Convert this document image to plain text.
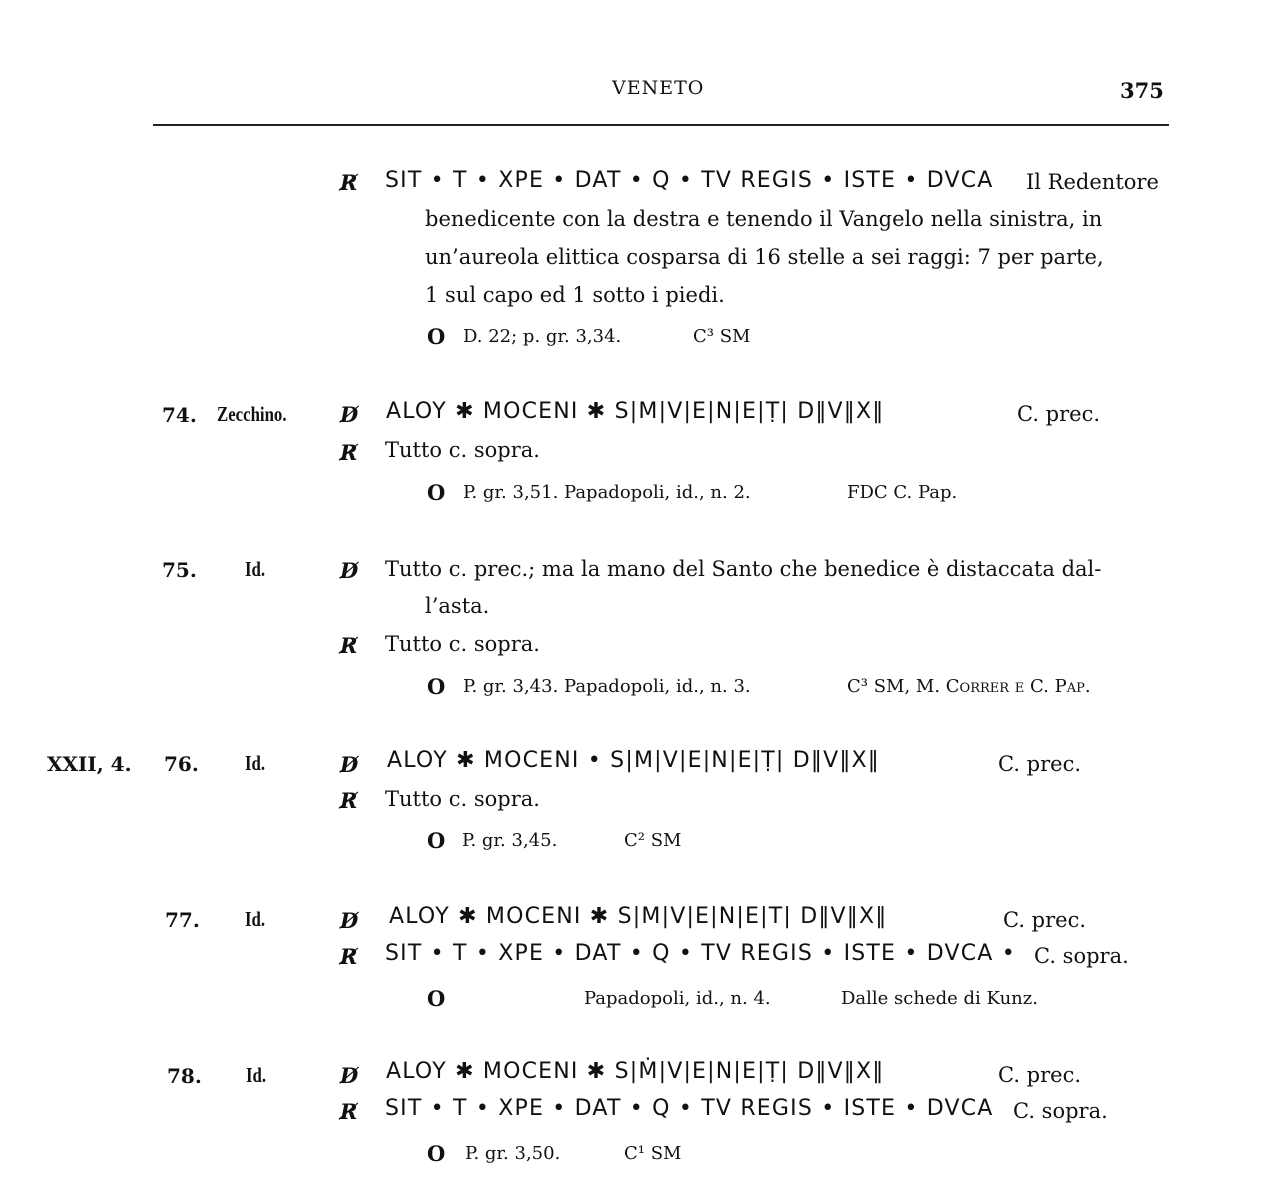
VENETO	375
R̸ SIT • T • XPE • DAT • Q • TV REGIS • ISTE • DVCA Il Redentore
benedicente con la destra e tenendo il Vangelo nella sinistra, in
un’aureola elittica cosparsa di 16 stelle a sei raggi: 7 per parte,
1 sul capo ed 1 sotto i piedi.
O D. 22; p. gr. 3,34.	C³ SM
74. Zecchino.	D̸ ALOY ✱ MOCENI ✱ S|M|V|E|N|E|Ṭ| D‖V‖X‖	C. prec.
R̸ Tutto c. sopra.
O P. gr. 3,51. Papadopoli, id., n. 2.	FDC C. Pap.
75. Id.	D̸ Tutto c. prec.; ma la mano del Santo che benedice è distaccata dal-
l’asta.
R̸ Tutto c. sopra.
O P. gr. 3,43. Papadopoli, id., n. 3.	C³ SM, M. Correr e C. Pap.
XXII, 4. 76. Id.	D̸ ALOY ✱ MOCENI • S|M|V|E|N|E|Ṭ| D‖V‖X‖	C. prec.
R̸ Tutto c. sopra.
O P. gr. 3,45.	C² SM
77. Id.	D̸ ALOY ✱ MOCENI ✱ S|M|V|E|N|E|T| D‖V‖X‖	C. prec.
R̸ SIT • T • XPE • DAT • Q • TV REGIS • ISTE • DVCA • C. sopra.
O	Papadopoli, id., n. 4.	Dalle schede di Kunz.
78. Id.	D̸ ALOY ✱ MOCENI ✱ S|Ṁ|V|E|N|E|Ṭ| D‖V‖X‖	C. prec.
R̸ SIT • T • XPE • DAT • Q • TV REGIS • ISTE • DVCA C. sopra.
O P. gr. 3,50.	C¹ SM
